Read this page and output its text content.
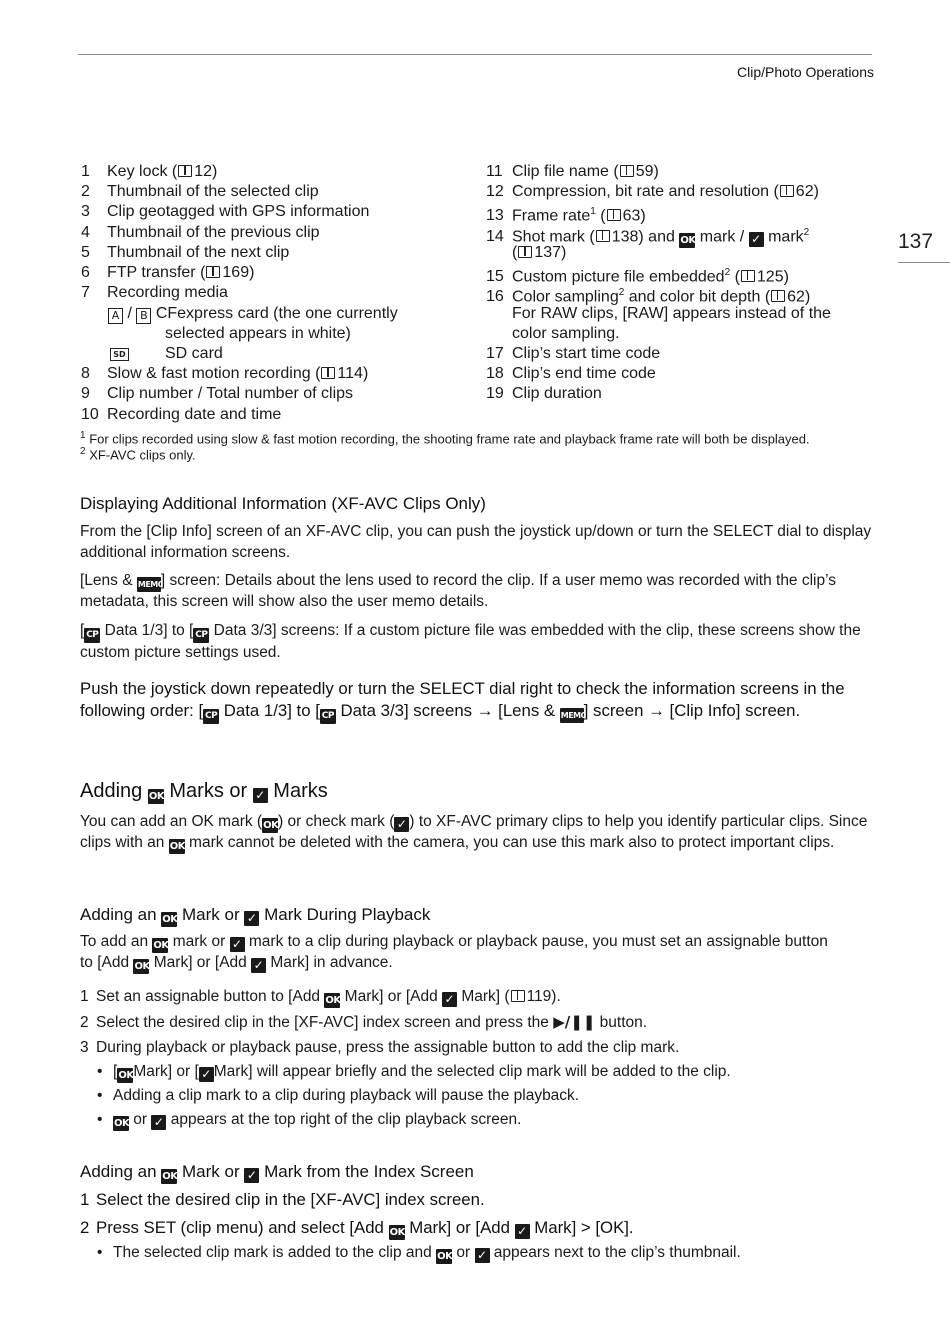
Clip/Photo Operations
137
1 Key lock ( 12)
2 Thumbnail of the selected clip
3 Clip geotagged with GPS information
4 Thumbnail of the previous clip
5 Thumbnail of the next clip
6 FTP transfer ( 169)
7 Recording media
A / B CFexpress card (the one currently
selected appears in white)
SD SD card
8 Slow & fast motion recording ( 114)
9 Clip number / Total number of clips
10 Recording date and time
11 Clip file name ( 59)
12 Compression, bit rate and resolution ( 62)
13 Frame rate$^1$ ( 63)
14 Shot mark ( 138) and OK mark / ✓ mark$^2$
( 137)
15 Custom picture file embedded$^2$ ( 125)
16 Color sampling$^2$ and color bit depth ( 62)
For RAW clips, [RAW] appears instead of the
color sampling.
17 Clip’s start time code
18 Clip’s end time code
19 Clip duration
$^1$ For clips recorded using slow & fast motion recording, the shooting frame rate and playback frame rate will both be displayed.
$^2$ XF-AVC clips only.
Displaying Additional Information (XF-AVC Clips Only)
From the [Clip Info] screen of an XF-AVC clip, you can push the joystick up/down or turn the SELECT dial to display additional information screens.
[Lens & MEMO] screen: Details about the lens used to record the clip. If a user memo was recorded with the clip’s metadata, this screen will show also the user memo details.
[ CP Data 1/3] to [ CP Data 3/3] screens: If a custom picture file was embedded with the clip, these screens show the custom picture settings used.
Push the joystick down repeatedly or turn the SELECT dial right to check the information screens in the following order: [ CP Data 1/3] to [ CP Data 3/3] screens → [Lens & MEMO] screen → [Clip Info] screen.
Adding OK Marks or ✓ Marks
You can add an OK mark (OK) or check mark ( ✓ ) to XF-AVC primary clips to help you identify particular clips. Since clips with an OK mark cannot be deleted with the camera, you can use this mark also to protect important clips.
Adding an OK Mark or ✓ Mark During Playback
To add an OK mark or ✓ mark to a clip during playback or playback pause, you must set an assignable button
to [Add OK Mark] or [Add ✓ Mark] in advance.
1 Set an assignable button to [Add OK Mark] or [Add ✓ Mark] ( 119).
2 Select the desired clip in the [XF-AVC] index screen and press the ▶/❚❚ button.
3 During playback or playback pause, press the assignable button to add the clip mark.
• [OKMark] or [ ✓ Mark] will appear briefly and the selected clip mark will be added to the clip.
• Adding a clip mark to a clip during playback will pause the playback.
• OK or ✓ appears at the top right of the clip playback screen.
Adding an OK Mark or ✓ Mark from the Index Screen
1 Select the desired clip in the [XF-AVC] index screen.
2 Press SET (clip menu) and select [Add OK Mark] or [Add ✓ Mark] > [OK].
• The selected clip mark is added to the clip and OK or ✓ appears next to the clip’s thumbnail.
